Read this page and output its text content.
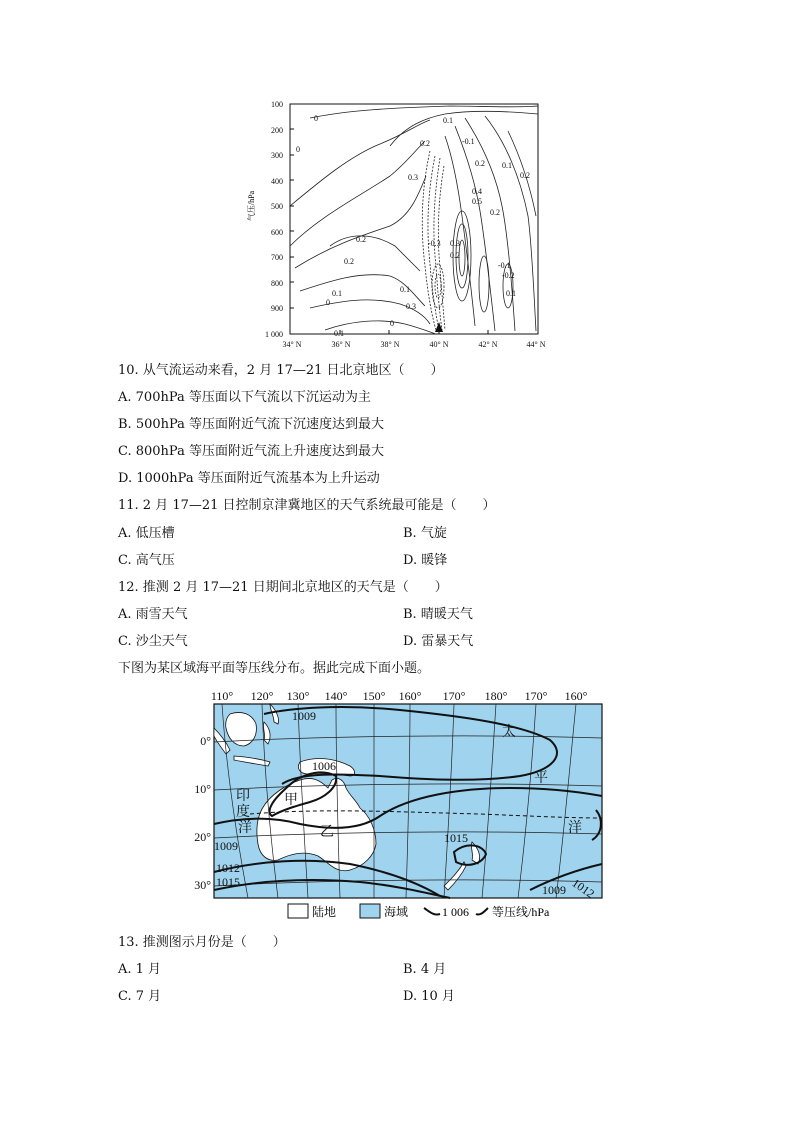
100
200
300
400
500
600
700
800
900
1 000
气压/hPa
34° N	36° N	38° N	40° N	42° N	44° N
0	0.1
-0.1
0.2
0.2
0.3	0.2
0.1
0.2
0.2
0.2
0.1
0
0.1
0
0
0.1
0.3
0.4
0.5
-0.1
-0.2
-0.3 0.3
0.2
0.1
10. 从气流运动来看，2 月 17—21 日北京地区（　　）
A. 700hPa 等压面以下气流以下沉运动为主
B. 500hPa 等压面附近气流下沉速度达到最大
C. 800hPa 等压面附近气流上升速度达到最大
D. 1000hPa 等压面附近气流基本为上升运动
11. 2 月 17—21 日控制京津冀地区的天气系统最可能是（　　）
A. 低压槽	B. 气旋
C. 高气压	D. 暖锋
12. 推测 2 月 17—21 日期间北京地区的天气是（　　）
A. 雨雪天气	B. 晴暖天气
C. 沙尘天气	D. 雷暴天气
下图为某区域海平面等压线分布。据此完成下面小题。
110° 120° 130° 140° 150° 160° 170° 180° 170° 160°
0°
10°
20°
30°
1009
1006
1015
1009
1012
1015	1012
1009
甲
乙
印
度
洋
太
平
洋
陆地	海域	1 006 等压线/hPa
13. 推测图示月份是（　　）
A. 1 月	B. 4 月
C. 7 月	D. 10 月
